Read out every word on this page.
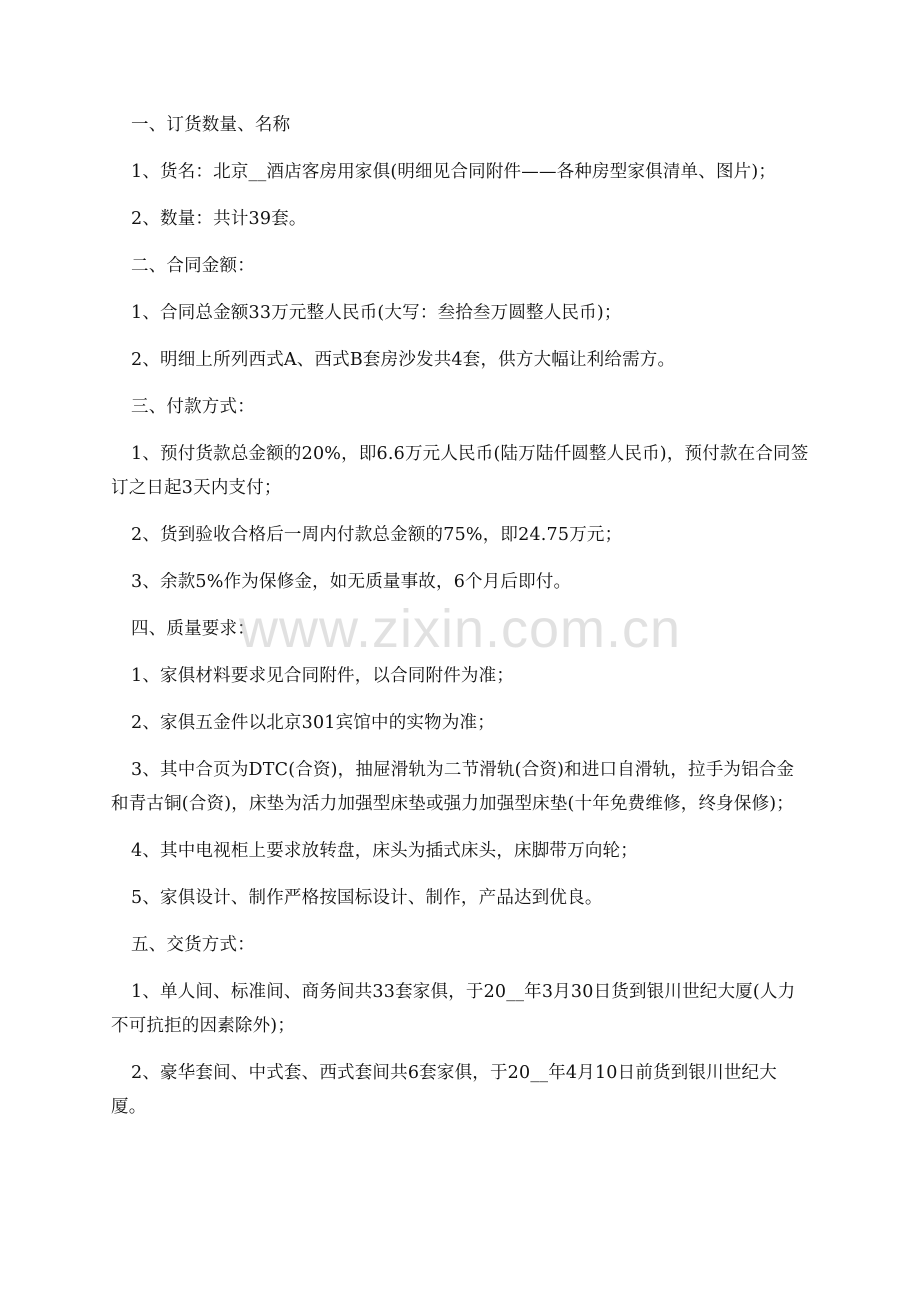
一、订货数量、名称

1、货名：北京__酒店客房用家俱(明细见合同附件——各种房型家俱清单、图片)；

2、数量：共计39套。

二、合同金额：

1、合同总金额33万元整人民币(大写：叁拾叁万圆整人民币)；

2、明细上所列西式A、西式B套房沙发共4套，供方大幅让利给需方。

三、付款方式：

1、预付货款总金额的20%，即6.6万元人民币(陆万陆仟圆整人民币)，预付款在合同签订之日起3天内支付；

2、货到验收合格后一周内付款总金额的75%，即24.75万元；

3、余款5%作为保修金，如无质量事故，6个月后即付。

四、质量要求：

1、家俱材料要求见合同附件，以合同附件为准；

2、家俱五金件以北京301宾馆中的实物为准；

3、其中合页为DTC(合资)，抽屉滑轨为二节滑轨(合资)和进口自滑轨，拉手为铝合金和青古铜(合资)，床垫为活力加强型床垫或强力加强型床垫(十年免费维修，终身保修)；

4、其中电视柜上要求放转盘，床头为插式床头，床脚带万向轮；

5、家俱设计、制作严格按国标设计、制作，产品达到优良。

五、交货方式：

1、单人间、标准间、商务间共33套家俱，于20__年3月30日货到银川世纪大厦(人力不可抗拒的因素除外)；

2、豪华套间、中式套、西式套间共6套家俱，于20__年4月10日前货到银川世纪大厦。

www.zixin.com.cn
